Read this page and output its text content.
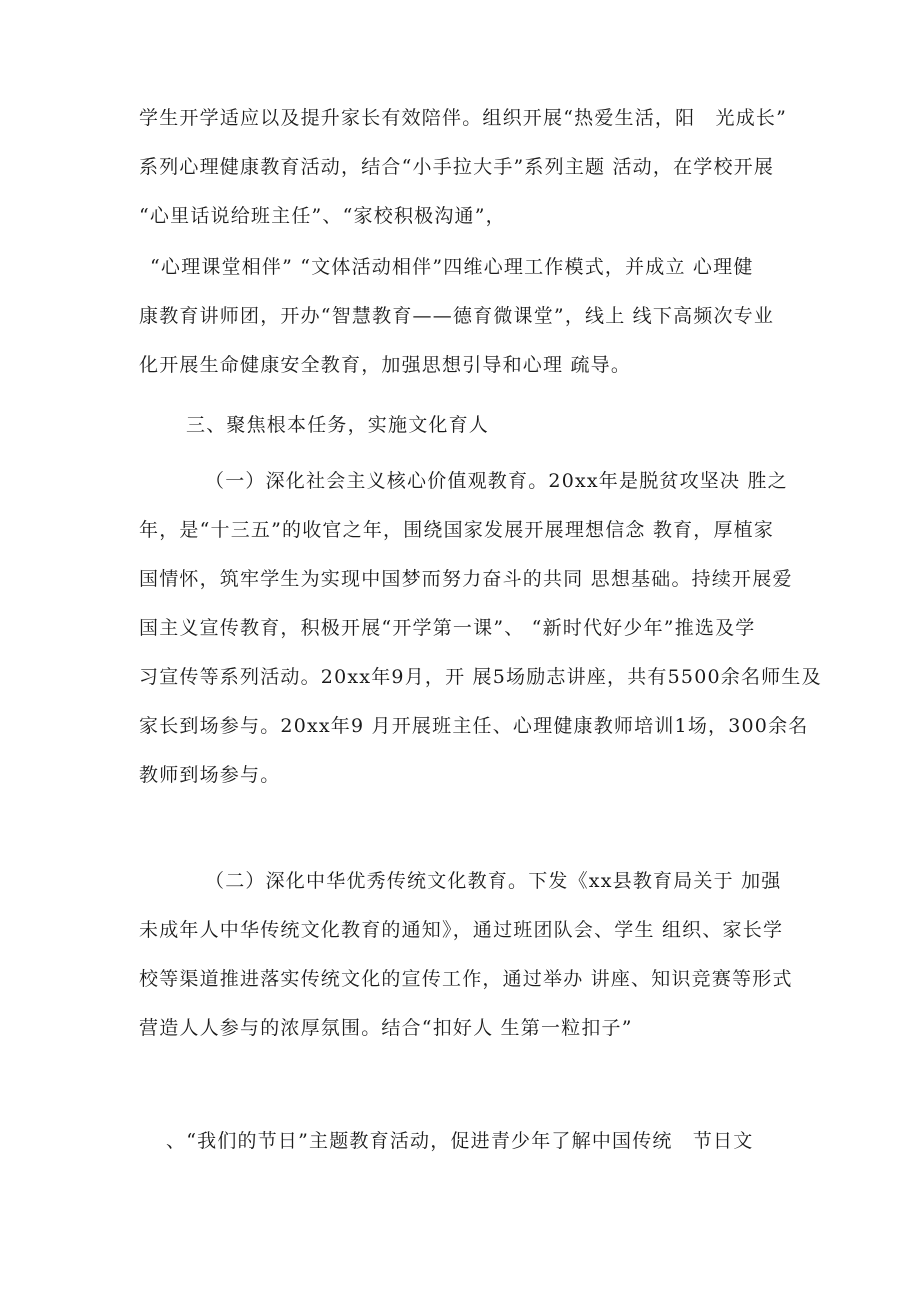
学生开学适应以及提升家长有效陪伴。组织开展“热爱生活，阳　光成长”
系列心理健康教育活动，结合“小手拉大手”系列主题 活动，在学校开展
“心里话说给班主任”、“家校积极沟通”，
“心理课堂相伴” “文体活动相伴”四维心理工作模式，并成立 心理健
康教育讲师团，开办“智慧教育——德育微课堂”，线上 线下高频次专业
化开展生命健康安全教育，加强思想引导和心理 疏导。
三、聚焦根本任务，实施文化育人
（一）深化社会主义核心价值观教育。20xx年是脱贫攻坚决 胜之
年，是“十三五”的收官之年，围绕国家发展开展理想信念 教育，厚植家
国情怀，筑牢学生为实现中国梦而努力奋斗的共同 思想基础。持续开展爱
国主义宣传教育，积极开展“开学第一课”、 “新时代好少年”推选及学
习宣传等系列活动。20xx年9月，开 展5场励志讲座，共有5500余名师生及
家长到场参与。20xx年9 月开展班主任、心理健康教师培训1场，300余名
教师到场参与。
（二）深化中华优秀传统文化教育。下发《xx县教育局关于 加强
未成年人中华传统文化教育的通知》，通过班团队会、学生 组织、家长学
校等渠道推进落实传统文化的宣传工作，通过举办 讲座、知识竞赛等形式
营造人人参与的浓厚氛围。结合“扣好人 生第一粒扣子”
、“我们的节日”主题教育活动，促进青少年了解中国传统　节日文
